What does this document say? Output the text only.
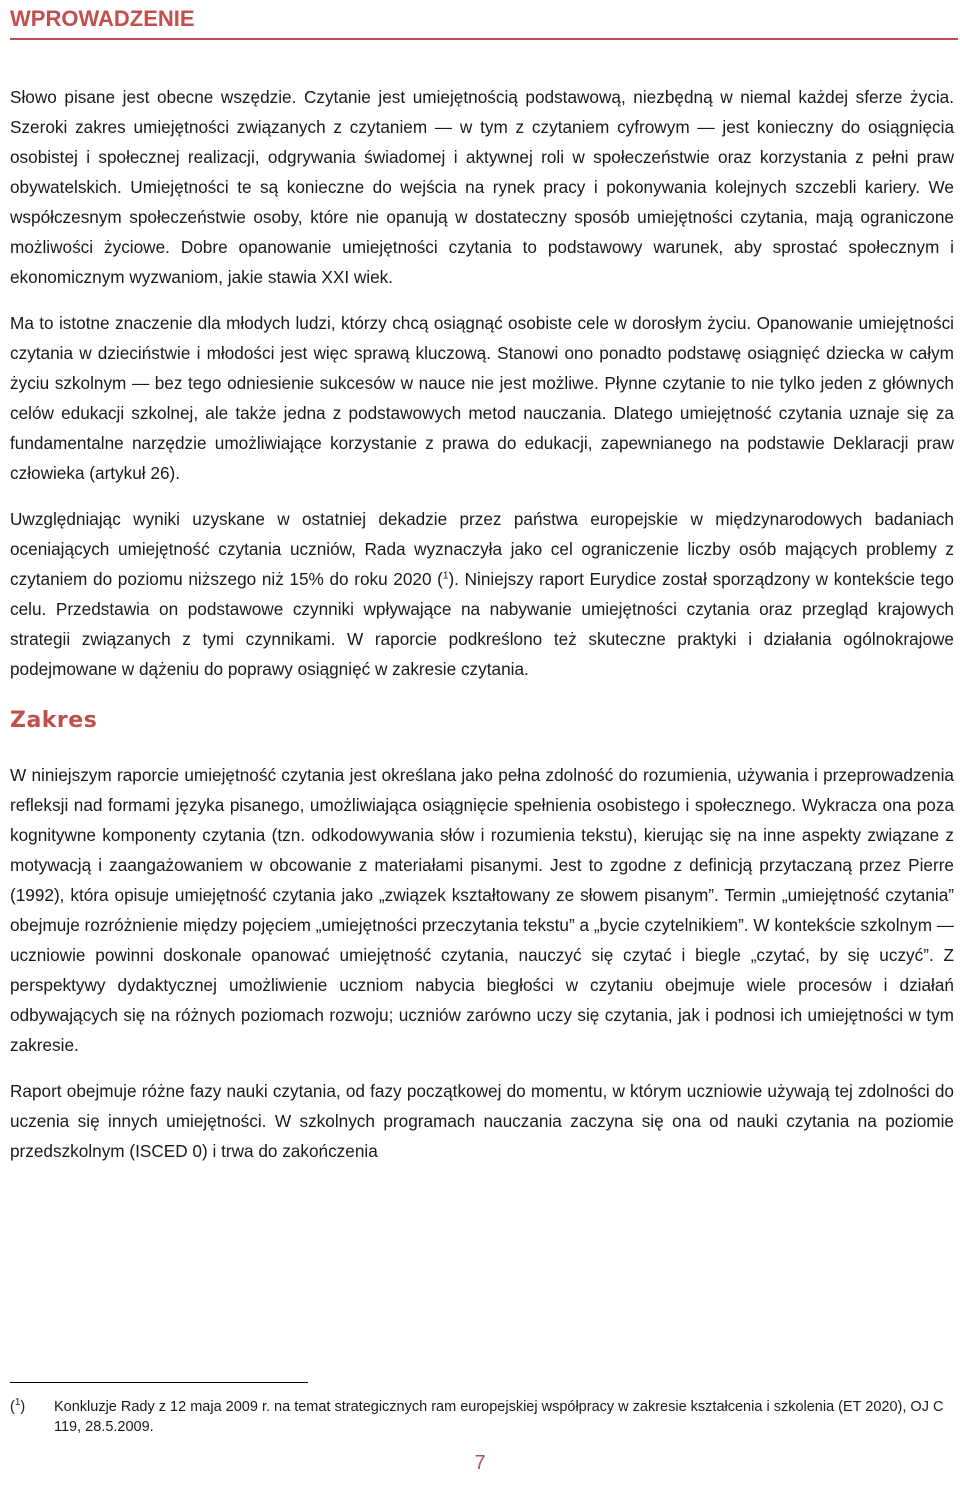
WPROWADZENIE

Słowo pisane jest obecne wszędzie. Czytanie jest umiejętnością podstawową, niezbędną w niemal każdej sferze życia. Szeroki zakres umiejętności związanych z czytaniem — w tym z czytaniem cyfrowym — jest konieczny do osiągnięcia osobistej i społecznej realizacji, odgrywania świadomej i aktywnej roli w społeczeństwie oraz korzystania z pełni praw obywatelskich. Umiejętności te są konieczne do wejścia na rynek pracy i pokonywania kolejnych szczebli kariery. We współczesnym społeczeństwie osoby, które nie opanują w dostateczny sposób umiejętności czytania, mają ograniczone możliwości życiowe. Dobre opanowanie umiejętności czytania to podstawowy warunek, aby sprostać społecznym i ekonomicznym wyzwaniom, jakie stawia XXI wiek.

Ma to istotne znaczenie dla młodych ludzi, którzy chcą osiągnąć osobiste cele w dorosłym życiu. Opanowanie umiejętności czytania w dzieciństwie i młodości jest więc sprawą kluczową. Stanowi ono ponadto podstawę osiągnięć dziecka w całym życiu szkolnym — bez tego odniesienie sukcesów w nauce nie jest możliwe. Płynne czytanie to nie tylko jeden z głównych celów edukacji szkolnej, ale także jedna z podstawowych metod nauczania. Dlatego umiejętność czytania uznaje się za fundamentalne narzędzie umożliwiające korzystanie z prawa do edukacji, zapewnianego na podstawie Deklaracji praw człowieka (artykuł 26).

Uwzględniając wyniki uzyskane w ostatniej dekadzie przez państwa europejskie w międzynarodowych badaniach oceniających umiejętność czytania uczniów, Rada wyznaczyła jako cel ograniczenie liczby osób mających problemy z czytaniem do poziomu niższego niż 15% do roku 2020 ($^1$). Niniejszy raport Eurydice został sporządzony w kontekście tego celu. Przedstawia on podstawowe czynniki wpływające na nabywanie umiejętności czytania oraz przegląd krajowych strategii związanych z tymi czynnikami. W raporcie podkreślono też skuteczne praktyki i działania ogólnokrajowe podejmowane w dążeniu do poprawy osiągnięć w zakresie czytania.

Zakres

W niniejszym raporcie umiejętność czytania jest określana jako pełna zdolność do rozumienia, używania i przeprowadzenia refleksji nad formami języka pisanego, umożliwiająca osiągnięcie spełnienia osobistego i społecznego. Wykracza ona poza kognitywne komponenty czytania (tzn. odkodowywania słów i rozumienia tekstu), kierując się na inne aspekty związane z motywacją i zaangażowaniem w obcowanie z materiałami pisanymi. Jest to zgodne z definicją przytaczaną przez Pierre (1992), która opisuje umiejętność czytania jako „związek kształtowany ze słowem pisanym”. Termin „umiejętność czytania” obejmuje rozróżnienie między pojęciem „umiejętności przeczytania tekstu” a „bycie czytelnikiem”. W kontekście szkolnym — uczniowie powinni doskonale opanować umiejętność czytania, nauczyć się czytać i biegle „czytać, by się uczyć”. Z perspektywy dydaktycznej umożliwienie uczniom nabycia biegłości w czytaniu obejmuje wiele procesów i działań odbywających się na różnych poziomach rozwoju; uczniów zarówno uczy się czytania, jak i podnosi ich umiejętności w tym zakresie.

Raport obejmuje różne fazy nauki czytania, od fazy początkowej do momentu, w którym uczniowie używają tej zdolności do uczenia się innych umiejętności. W szkolnych programach nauczania zaczyna się ona od nauki czytania na poziomie przedszkolnym (ISCED 0) i trwa do zakończenia

($^1$)	Konkluzje Rady z 12 maja 2009 r. na temat strategicznych ram europejskiej współpracy w zakresie kształcenia i szkolenia (ET 2020), OJ C 119, 28.5.2009.
7
